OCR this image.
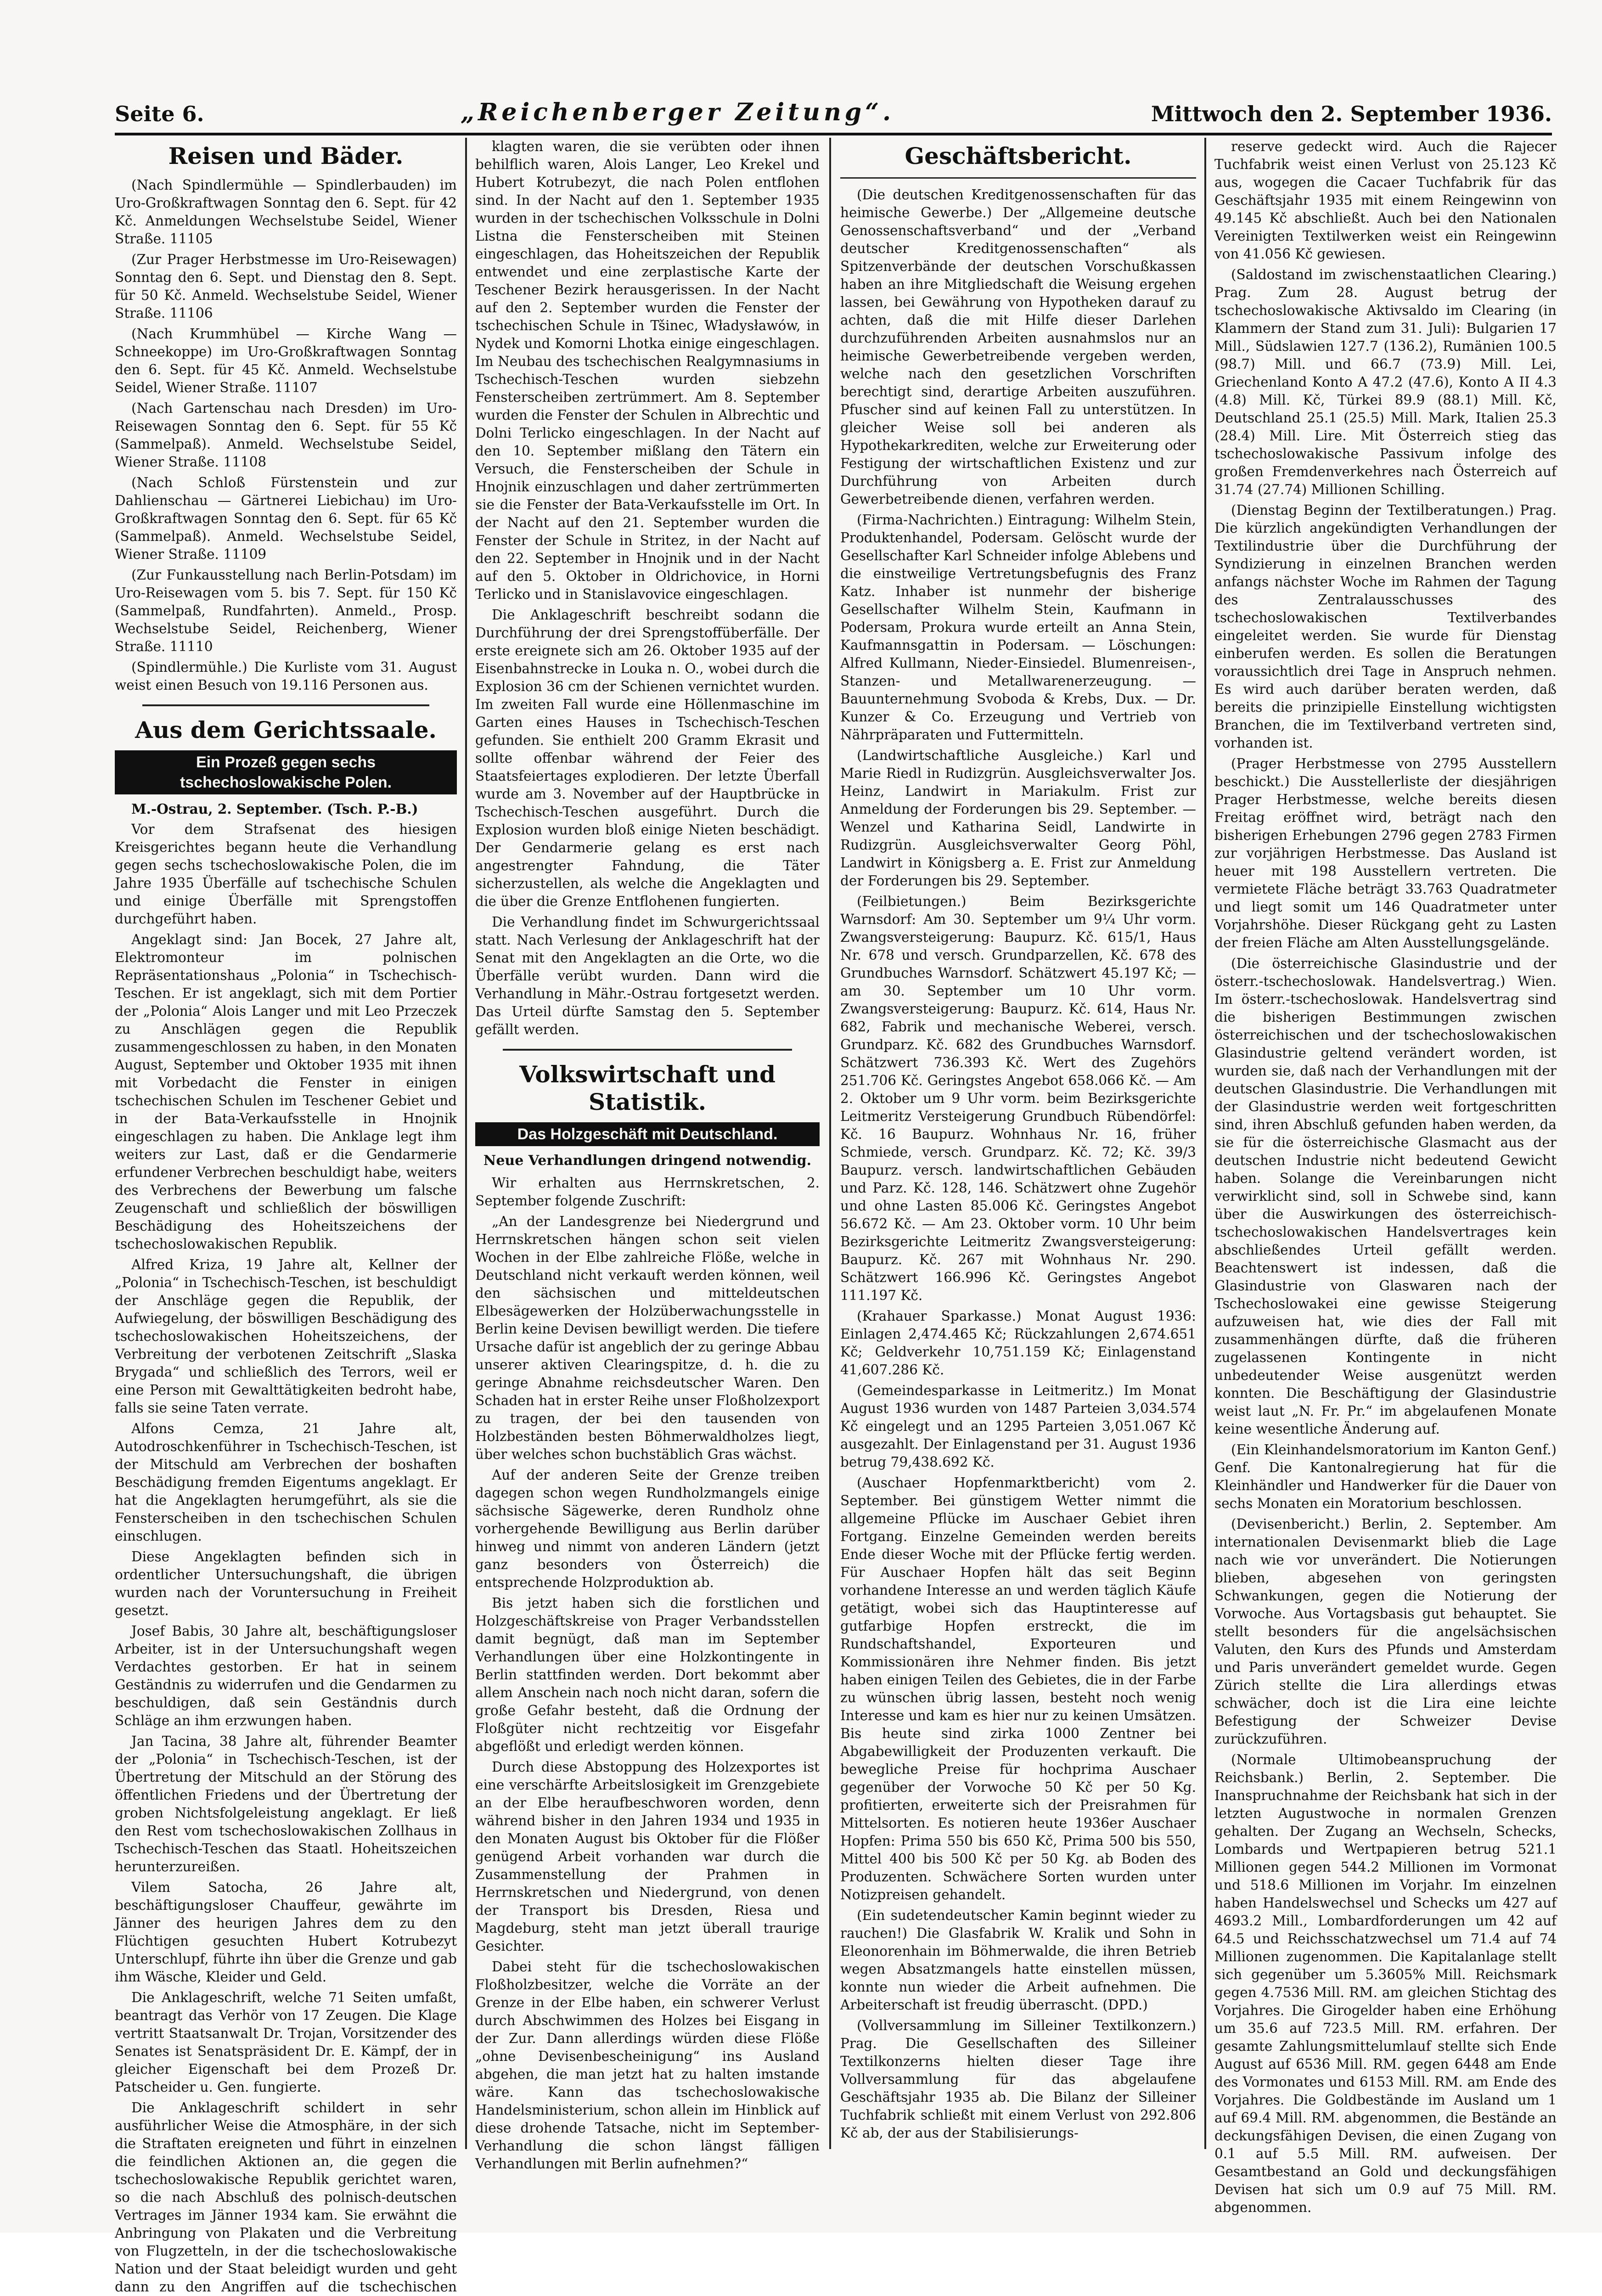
Seite 6.	„Reichenberger Zeitung“.	Mittwoch den 2. September 1936.
Reisen und Bäder.

(Nach Spindlermühle — Spindlerbauden) im Uro-Großkraftwagen Sonntag den 6. Sept. für 42 Kč. Anmeldungen Wechselstube Seidel, Wiener Straße. 11105

(Zur Prager Herbstmesse im Uro-Reisewagen) Sonntag den 6. Sept. und Dienstag den 8. Sept. für 50 Kč. Anmeld. Wechselstube Seidel, Wiener Straße. 11106

(Nach Krummhübel — Kirche Wang — Schneekoppe) im Uro-Großkraftwagen Sonntag den 6. Sept. für 45 Kč. Anmeld. Wechselstube Seidel, Wiener Straße. 11107

(Nach Gartenschau nach Dresden) im Uro-Reisewagen Sonntag den 6. Sept. für 55 Kč (Sammelpaß). Anmeld. Wechselstube Seidel, Wiener Straße. 11108

(Nach Schloß Fürstenstein und zur Dahlienschau — Gärtnerei Liebichau) im Uro-Großkraftwagen Sonntag den 6. Sept. für 65 Kč (Sammelpaß). Anmeld. Wechselstube Seidel, Wiener Straße. 11109

(Zur Funkausstellung nach Berlin-Potsdam) im Uro-Reisewagen vom 5. bis 7. Sept. für 150 Kč (Sammelpaß, Rundfahrten). Anmeld., Prosp. Wechselstube Seidel, Reichenberg, Wiener Straße. 11110

(Spindlermühle.) Die Kurliste vom 31. August weist einen Besuch von 19.116 Personen aus.

Aus dem Gerichtssaale.
Ein Prozeß gegen sechs tschechoslowakische Polen.

M.-Ostrau, 2. September. (Tsch. P.-B.)

Vor dem Strafsenat des hiesigen Kreisgerichtes begann heute die Verhandlung gegen sechs tschechoslowakische Polen, die im Jahre 1935 Überfälle auf tschechische Schulen und einige Überfälle mit Sprengstoffen durchgeführt haben.

Angeklagt sind: Jan Bocek, 27 Jahre alt, Elektromonteur im polnischen Repräsentationshaus „Polonia“ in Tschechisch-Teschen. Er ist angeklagt, sich mit dem Portier der „Polonia“ Alois Langer und mit Leo Przeczek zu Anschlägen gegen die Republik zusammengeschlossen zu haben, in den Monaten August, September und Oktober 1935 mit ihnen mit Vorbedacht die Fenster in einigen tschechischen Schulen im Teschener Gebiet und in der Bata-Verkaufsstelle in Hnojnik eingeschlagen zu haben. Die Anklage legt ihm weiters zur Last, daß er die Gendarmerie erfundener Verbrechen beschuldigt habe, weiters des Verbrechens der Bewerbung um falsche Zeugenschaft und schließlich der böswilligen Beschädigung des Hoheitszeichens der tschechoslowakischen Republik.

Alfred Kriza, 19 Jahre alt, Kellner der „Polonia“ in Tschechisch-Teschen, ist beschuldigt der Anschläge gegen die Republik, der Aufwiegelung, der böswilligen Beschädigung des tschechoslowakischen Hoheitszeichens, der Verbreitung der verbotenen Zeitschrift „Slaska Brygada“ und schließlich des Terrors, weil er eine Person mit Gewalttätigkeiten bedroht habe, falls sie seine Taten verrate.

Alfons Cemza, 21 Jahre alt, Autodroschkenführer in Tschechisch-Teschen, ist der Mitschuld am Verbrechen der boshaften Beschädigung fremden Eigentums angeklagt. Er hat die Angeklagten herumgeführt, als sie die Fensterscheiben in den tschechischen Schulen einschlugen.

Diese Angeklagten befinden sich in ordentlicher Untersuchungshaft, die übrigen wurden nach der Voruntersuchung in Freiheit gesetzt.

Josef Babis, 30 Jahre alt, beschäftigungsloser Arbeiter, ist in der Untersuchungshaft wegen Verdachtes gestorben. Er hat in seinem Geständnis zu widerrufen und die Gendarmen zu beschuldigen, daß sein Geständnis durch Schläge an ihm erzwungen haben.

Jan Tacina, 38 Jahre alt, führender Beamter der „Polonia“ in Tschechisch-Teschen, ist der Übertretung der Mitschuld an der Störung des öffentlichen Friedens und der Übertretung der groben Nichtsfolgeleistung angeklagt. Er ließ den Rest vom tschechoslowakischen Zollhaus in Tschechisch-Teschen das Staatl. Hoheitszeichen herunterzureißen.

Vilem Satocha, 26 Jahre alt, beschäftigungsloser Chauffeur, gewährte im Jänner des heurigen Jahres dem zu den Flüchtigen gesuchten Hubert Kotrubezyt Unterschlupf, führte ihn über die Grenze und gab ihm Wäsche, Kleider und Geld.

Die Anklageschrift, welche 71 Seiten umfaßt, beantragt das Verhör von 17 Zeugen. Die Klage vertritt Staatsanwalt Dr. Trojan, Vorsitzender des Senates ist Senatspräsident Dr. E. Kämpf, der in gleicher Eigenschaft bei dem Prozeß Dr. Patscheider u. Gen. fungierte.

Die Anklageschrift schildert in sehr ausführlicher Weise die Atmosphäre, in der sich die Straftaten ereigneten und führt in einzelnen die feindlichen Aktionen an, die gegen die tschechoslowakische Republik gerichtet waren, so die nach Abschluß des polnisch-deutschen Vertrages im Jänner 1934 kam. Sie erwähnt die Anbringung von Plakaten und die Verbreitung von Flugzetteln, in der die tschechoslowakische Nation und der Staat beleidigt wurden und geht dann zu den Angriffen auf die tschechischen

klagten waren, die sie verübten oder ihnen behilflich waren, Alois Langer, Leo Krekel und Hubert Kotrubezyt, die nach Polen entflohen sind. In der Nacht auf den 1. September 1935 wurden in der tschechischen Volksschule in Dolni Listna die Fensterscheiben mit Steinen eingeschlagen, das Hoheitszeichen der Republik entwendet und eine zerplastische Karte der Teschener Bezirk herausgerissen. In der Nacht auf den 2. September wurden die Fenster der tschechischen Schule in Tšinec, Władysławów, in Nydek und Komorni Lhotka einige eingeschlagen. Im Neubau des tschechischen Realgymnasiums in Tschechisch-Teschen wurden siebzehn Fensterscheiben zertrümmert. Am 8. September wurden die Fenster der Schulen in Albrechtic und Dolni Terlicko eingeschlagen. In der Nacht auf den 10. September mißlang den Tätern ein Versuch, die Fensterscheiben der Schule in Hnojnik einzuschlagen und daher zertrümmerten sie die Fenster der Bata-Verkaufsstelle im Ort. In der Nacht auf den 21. September wurden die Fenster der Schule in Stritez, in der Nacht auf den 22. September in Hnojnik und in der Nacht auf den 5. Oktober in Oldrichovice, in Horni Terlicko und in Stanislavovice eingeschlagen.

Die Anklageschrift beschreibt sodann die Durchführung der drei Sprengstoffüberfälle. Der erste ereignete sich am 26. Oktober 1935 auf der Eisenbahnstrecke in Louka n. O., wobei durch die Explosion 36 cm der Schienen vernichtet wurden. Im zweiten Fall wurde eine Höllenmaschine im Garten eines Hauses in Tschechisch-Teschen gefunden. Sie enthielt 200 Gramm Ekrasit und sollte offenbar während der Feier des Staatsfeiertages explodieren. Der letzte Überfall wurde am 3. November auf der Hauptbrücke in Tschechisch-Teschen ausgeführt. Durch die Explosion wurden bloß einige Nieten beschädigt. Der Gendarmerie gelang es erst nach angestrengter Fahndung, die Täter sicherzustellen, als welche die Angeklagten und die über die Grenze Entflohenen fungierten.

Die Verhandlung findet im Schwurgerichtssaal statt. Nach Verlesung der Anklageschrift hat der Senat mit den Angeklagten an die Orte, wo die Überfälle verübt wurden. Dann wird die Verhandlung in Mähr.-Ostrau fortgesetzt werden. Das Urteil dürfte Samstag den 5. September gefällt werden.

Volkswirtschaft und Statistik.
Das Holzgeschäft mit Deutschland.
Neue Verhandlungen dringend notwendig.

Wir erhalten aus Herrnskretschen, 2. September folgende Zuschrift:

„An der Landesgrenze bei Niedergrund und Herrnskretschen hängen schon seit vielen Wochen in der Elbe zahlreiche Flöße, welche in Deutschland nicht verkauft werden können, weil den sächsischen und mitteldeutschen Elbesägewerken der Holzüberwachungsstelle in Berlin keine Devisen bewilligt werden. Die tiefere Ursache dafür ist angeblich der zu geringe Abbau unserer aktiven Clearingspitze, d. h. die zu geringe Abnahme reichsdeutscher Waren. Den Schaden hat in erster Reihe unser Floßholzexport zu tragen, der bei den tausenden von Holzbeständen besten Böhmerwaldholzes liegt, über welches schon buchstäblich Gras wächst.

Auf der anderen Seite der Grenze treiben dagegen schon wegen Rundholzmangels einige sächsische Sägewerke, deren Rundholz ohne vorhergehende Bewilligung aus Berlin darüber hinweg und nimmt von anderen Ländern (jetzt ganz besonders von Österreich) die entsprechende Holzproduktion ab.

Bis jetzt haben sich die forstlichen und Holzgeschäftskreise von Prager Verbandsstellen damit begnügt, daß man im September Verhandlungen über eine Holzkontingente in Berlin stattfinden werden. Dort bekommt aber allem Anschein nach noch nicht daran, sofern die große Gefahr besteht, daß die Ordnung der Floßgüter nicht rechtzeitig vor Eisgefahr abgeflößt und erledigt werden können.

Durch diese Abstoppung des Holzexportes ist eine verschärfte Arbeitslosigkeit im Grenzgebiete an der Elbe heraufbeschworen worden, denn während bisher in den Jahren 1934 und 1935 in den Monaten August bis Oktober für die Flößer genügend Arbeit vorhanden war durch die Zusammenstellung der Prahmen in Herrnskretschen und Niedergrund, von denen der Transport bis Dresden, Riesa und Magdeburg, steht man jetzt überall traurige Gesichter.

Dabei steht für die tschechoslowakischen Floßholzbesitzer, welche die Vorräte an der Grenze in der Elbe haben, ein schwerer Verlust durch Abschwimmen des Holzes bei Eisgang in der Zur. Dann allerdings würden diese Flöße „ohne Devisenbescheinigung“ ins Ausland abgehen, die man jetzt hat zu halten imstande wäre. Kann das tschechoslowakische Handelsministerium, schon allein im Hinblick auf diese drohende Tatsache, nicht im September-Verhandlung die schon längst fälligen Verhandlungen mit Berlin aufnehmen?“

Geschäftsbericht.

(Die deutschen Kreditgenossenschaften für das heimische Gewerbe.) Der „Allgemeine deutsche Genossenschaftsverband“ und der „Verband deutscher Kreditgenossenschaften“ als Spitzenverbände der deutschen Vorschußkassen haben an ihre Mitgliedschaft die Weisung ergehen lassen, bei Gewährung von Hypotheken darauf zu achten, daß die mit Hilfe dieser Darlehen durchzuführenden Arbeiten ausnahmslos nur an heimische Gewerbetreibende vergeben werden, welche nach den gesetzlichen Vorschriften berechtigt sind, derartige Arbeiten auszuführen. Pfuscher sind auf keinen Fall zu unterstützen. In gleicher Weise soll bei anderen als Hypothekarkrediten, welche zur Erweiterung oder Festigung der wirtschaftlichen Existenz und zur Durchführung von Arbeiten durch Gewerbetreibende dienen, verfahren werden.

(Firma-Nachrichten.) Eintragung: Wilhelm Stein, Produktenhandel, Podersam. Gelöscht wurde der Gesellschafter Karl Schneider infolge Ablebens und die einstweilige Vertretungsbefugnis des Franz Katz. Inhaber ist nunmehr der bisherige Gesellschafter Wilhelm Stein, Kaufmann in Podersam, Prokura wurde erteilt an Anna Stein, Kaufmannsgattin in Podersam. — Löschungen: Alfred Kullmann, Nieder-Einsiedel. Blumenreisen-, Stanzen- und Metallwarenerzeugung. — Bauunternehmung Svoboda & Krebs, Dux. — Dr. Kunzer & Co. Erzeugung und Vertrieb von Nährpräparaten und Futtermitteln.

(Landwirtschaftliche Ausgleiche.) Karl und Marie Riedl in Rudizgrün. Ausgleichsverwalter Jos. Heinz, Landwirt in Mariakulm. Frist zur Anmeldung der Forderungen bis 29. September. — Wenzel und Katharina Seidl, Landwirte in Rudizgrün. Ausgleichsverwalter Georg Pöhl, Landwirt in Königsberg a. E. Frist zur Anmeldung der Forderungen bis 29. September.

(Feilbietungen.) Beim Bezirksgerichte Warnsdorf: Am 30. September um 9¼ Uhr vorm. Zwangsversteigerung: Baupurz. Kč. 615/1, Haus Nr. 678 und versch. Grundparzellen, Kč. 678 des Grundbuches Warnsdorf. Schätzwert 45.197 Kč; — am 30. September um 10 Uhr vorm. Zwangsversteigerung: Baupurz. Kč. 614, Haus Nr. 682, Fabrik und mechanische Weberei, versch. Grundparz. Kč. 682 des Grundbuches Warnsdorf. Schätzwert 736.393 Kč. Wert des Zugehörs 251.706 Kč. Geringstes Angebot 658.066 Kč. — Am 2. Oktober um 9 Uhr vorm. beim Bezirksgerichte Leitmeritz Versteigerung Grundbuch Rübendörfel: Kč. 16 Baupurz. Wohnhaus Nr. 16, früher Schmiede, versch. Grundparz. Kč. 72; Kč. 39/3 Baupurz. versch. landwirtschaftlichen Gebäuden und Parz. Kč. 128, 146. Schätzwert ohne Zugehör und ohne Lasten 85.006 Kč. Geringstes Angebot 56.672 Kč. — Am 23. Oktober vorm. 10 Uhr beim Bezirksgerichte Leitmeritz Zwangsversteigerung: Baupurz. Kč. 267 mit Wohnhaus Nr. 290. Schätzwert 166.996 Kč. Geringstes Angebot 111.197 Kč.

(Krahauer Sparkasse.) Monat August 1936: Einlagen 2,474.465 Kč; Rückzahlungen 2,674.651 Kč; Geldverkehr 10,751.159 Kč; Einlagenstand 41,607.286 Kč.

(Gemeindesparkasse in Leitmeritz.) Im Monat August 1936 wurden von 1487 Parteien 3,034.574 Kč eingelegt und an 1295 Parteien 3,051.067 Kč ausgezahlt. Der Einlagenstand per 31. August 1936 betrug 79,438.692 Kč.

(Auschaer Hopfenmarktbericht) vom 2. September. Bei günstigem Wetter nimmt die allgemeine Pflücke im Auschaer Gebiet ihren Fortgang. Einzelne Gemeinden werden bereits Ende dieser Woche mit der Pflücke fertig werden. Für Auschaer Hopfen hält das seit Beginn vorhandene Interesse an und werden täglich Käufe getätigt, wobei sich das Hauptinteresse auf gutfarbige Hopfen erstreckt, die im Rundschaftshandel, Exporteuren und Kommissionären ihre Nehmer finden. Bis jetzt haben einigen Teilen des Gebietes, die in der Farbe zu wünschen übrig lassen, besteht noch wenig Interesse und kam es hier nur zu keinen Umsätzen. Bis heute sind zirka 1000 Zentner bei Abgabewilligkeit der Produzenten verkauft. Die bewegliche Preise für hochprima Auschaer gegenüber der Vorwoche 50 Kč per 50 Kg. profitierten, erweiterte sich der Preisrahmen für Mittelsorten. Es notieren heute 1936er Auschaer Hopfen: Prima 550 bis 650 Kč, Prima 500 bis 550, Mittel 400 bis 500 Kč per 50 Kg. ab Boden des Produzenten. Schwächere Sorten wurden unter Notizpreisen gehandelt.

(Ein sudetendeutscher Kamin beginnt wieder zu rauchen!) Die Glasfabrik W. Kralik und Sohn in Eleonorenhain im Böhmerwalde, die ihren Betrieb wegen Absatzmangels hatte einstellen müssen, konnte nun wieder die Arbeit aufnehmen. Die Arbeiterschaft ist freudig überrascht. (DPD.)

(Vollversammlung im Silleiner Textilkonzern.) Prag. Die Gesellschaften des Silleiner Textilkonzerns hielten dieser Tage ihre Vollversammlung für das abgelaufene Geschäftsjahr 1935 ab. Die Bilanz der Silleiner Tuchfabrik schließt mit einem Verlust von 292.806 Kč ab, der aus der Stabilisierungs-

reserve gedeckt wird. Auch die Rajecer Tuchfabrik weist einen Verlust von 25.123 Kč aus, wogegen die Cacaer Tuchfabrik für das Geschäftsjahr 1935 mit einem Reingewinn von 49.145 Kč abschließt. Auch bei den Nationalen Vereinigten Textilwerken weist ein Reingewinn von 41.056 Kč gewiesen.

(Saldostand im zwischenstaatlichen Clearing.) Prag. Zum 28. August betrug der tschechoslowakische Aktivsaldo im Clearing (in Klammern der Stand zum 31. Juli): Bulgarien 17 Mill., Südslawien 127.7 (136.2), Rumänien 100.5 (98.7) Mill. und 66.7 (73.9) Mill. Lei, Griechenland Konto A 47.2 (47.6), Konto A II 4.3 (4.8) Mill. Kč, Türkei 89.9 (88.1) Mill. Kč, Deutschland 25.1 (25.5) Mill. Mark, Italien 25.3 (28.4) Mill. Lire. Mit Österreich stieg das tschechoslowakische Passivum infolge des großen Fremdenverkehres nach Österreich auf 31.74 (27.74) Millionen Schilling.

(Dienstag Beginn der Textilberatungen.) Prag. Die kürzlich angekündigten Verhandlungen der Textilindustrie über die Durchführung der Syndizierung in einzelnen Branchen werden anfangs nächster Woche im Rahmen der Tagung des Zentralausschusses des tschechoslowakischen Textilverbandes eingeleitet werden. Sie wurde für Dienstag einberufen werden. Es sollen die Beratungen voraussichtlich drei Tage in Anspruch nehmen. Es wird auch darüber beraten werden, daß bereits die prinzipielle Einstellung wichtigsten Branchen, die im Textilverband vertreten sind, vorhanden ist.

(Prager Herbstmesse von 2795 Ausstellern beschickt.) Die Ausstellerliste der diesjährigen Prager Herbstmesse, welche bereits diesen Freitag eröffnet wird, beträgt nach den bisherigen Erhebungen 2796 gegen 2783 Firmen zur vorjährigen Herbstmesse. Das Ausland ist heuer mit 198 Ausstellern vertreten. Die vermietete Fläche beträgt 33.763 Quadratmeter und liegt somit um 146 Quadratmeter unter Vorjahrshöhe. Dieser Rückgang geht zu Lasten der freien Fläche am Alten Ausstellungsgelände.

(Die österreichische Glasindustrie und der österr.-tschechoslowak. Handelsvertrag.) Wien. Im österr.-tschechoslowak. Handelsvertrag sind die bisherigen Bestimmungen zwischen österreichischen und der tschechoslowakischen Glasindustrie geltend verändert worden, ist wurden sie, daß nach der Verhandlungen mit der deutschen Glasindustrie. Die Verhandlungen mit der Glasindustrie werden weit fortgeschritten sind, ihren Abschluß gefunden haben werden, da sie für die österreichische Glasmacht aus der deutschen Industrie nicht bedeutend Gewicht haben. Solange die Vereinbarungen nicht verwirklicht sind, soll in Schwebe sind, kann über die Auswirkungen des österreichisch-tschechoslowakischen Handelsvertrages kein abschließendes Urteil gefällt werden. Beachtenswert ist indessen, daß die Glasindustrie von Glaswaren nach der Tschechoslowakei eine gewisse Steigerung aufzuweisen hat, wie dies der Fall mit zusammenhängen dürfte, daß die früheren zugelassenen Kontingente in nicht unbedeutender Weise ausgenützt werden konnten. Die Beschäftigung der Glasindustrie weist laut „N. Fr. Pr.“ im abgelaufenen Monate keine wesentliche Änderung auf.

(Ein Kleinhandelsmoratorium im Kanton Genf.) Genf. Die Kantonalregierung hat für die Kleinhändler und Handwerker für die Dauer von sechs Monaten ein Moratorium beschlossen.

(Devisenbericht.) Berlin, 2. September. Am internationalen Devisenmarkt blieb die Lage nach wie vor unverändert. Die Notierungen blieben, abgesehen von geringsten Schwankungen, gegen die Notierung der Vorwoche. Aus Vortagsbasis gut behauptet. Sie stellt besonders für die angelsächsischen Valuten, den Kurs des Pfunds und Amsterdam und Paris unverändert gemeldet wurde. Gegen Zürich stellte die Lira allerdings etwas schwächer, doch ist die Lira eine leichte Befestigung der Schweizer Devise zurückzuführen.

(Normale Ultimobeanspruchung der Reichsbank.) Berlin, 2. September. Die Inanspruchnahme der Reichsbank hat sich in der letzten Augustwoche in normalen Grenzen gehalten. Der Zugang an Wechseln, Schecks, Lombards und Wertpapieren betrug 521.1 Millionen gegen 544.2 Millionen im Vormonat und 518.6 Millionen im Vorjahr. Im einzelnen haben Handelswechsel und Schecks um 427 auf 4693.2 Mill., Lombardforderungen um 42 auf 64.5 und Reichsschatzwechsel um 71.4 auf 74 Millionen zugenommen. Die Kapitalanlage stellt sich gegenüber um 5.3605% Mill. Reichsmark gegen 4.7536 Mill. RM. am gleichen Stichtag des Vorjahres. Die Girogelder haben eine Erhöhung um 35.6 auf 723.5 Mill. RM. erfahren. Der gesamte Zahlungsmittelumlauf stellte sich Ende August auf 6536 Mill. RM. gegen 6448 am Ende des Vormonates und 6153 Mill. RM. am Ende des Vorjahres. Die Goldbestände im Ausland um 1 auf 69.4 Mill. RM. abgenommen, die Bestände an deckungsfähigen Devisen, die einen Zugang von 0.1 auf 5.5 Mill. RM. aufweisen. Der Gesamtbestand an Gold und deckungsfähigen Devisen hat sich um 0.9 auf 75 Mill. RM. abgenommen.
